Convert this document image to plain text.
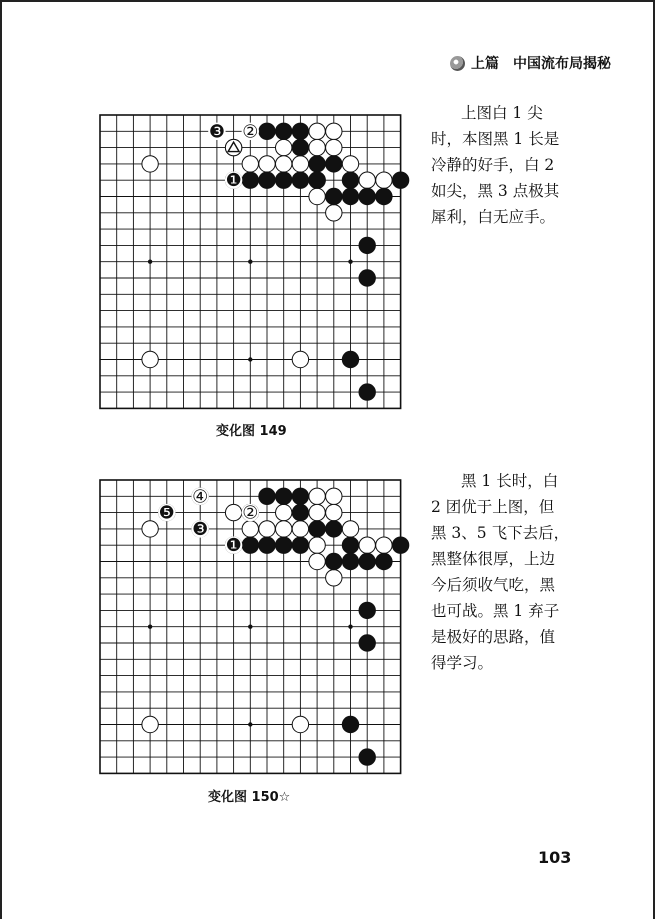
上篇 中国流布局揭秘
❸ ②
❶
变化图 149
上图白 1 尖
时，本图黑 1 长是
冷静的好手，白 2
如尖，黑 3 点极其
犀利，白无应手。
④
❺	②
❸
❶
变化图 150☆
黑 1 长时，白
2 团优于上图，但
黑 3、5 飞下去后，
黑整体很厚，上边
今后须收气吃，黑
也可战。黑 1 弃子
是极好的思路，值
得学习。
103
